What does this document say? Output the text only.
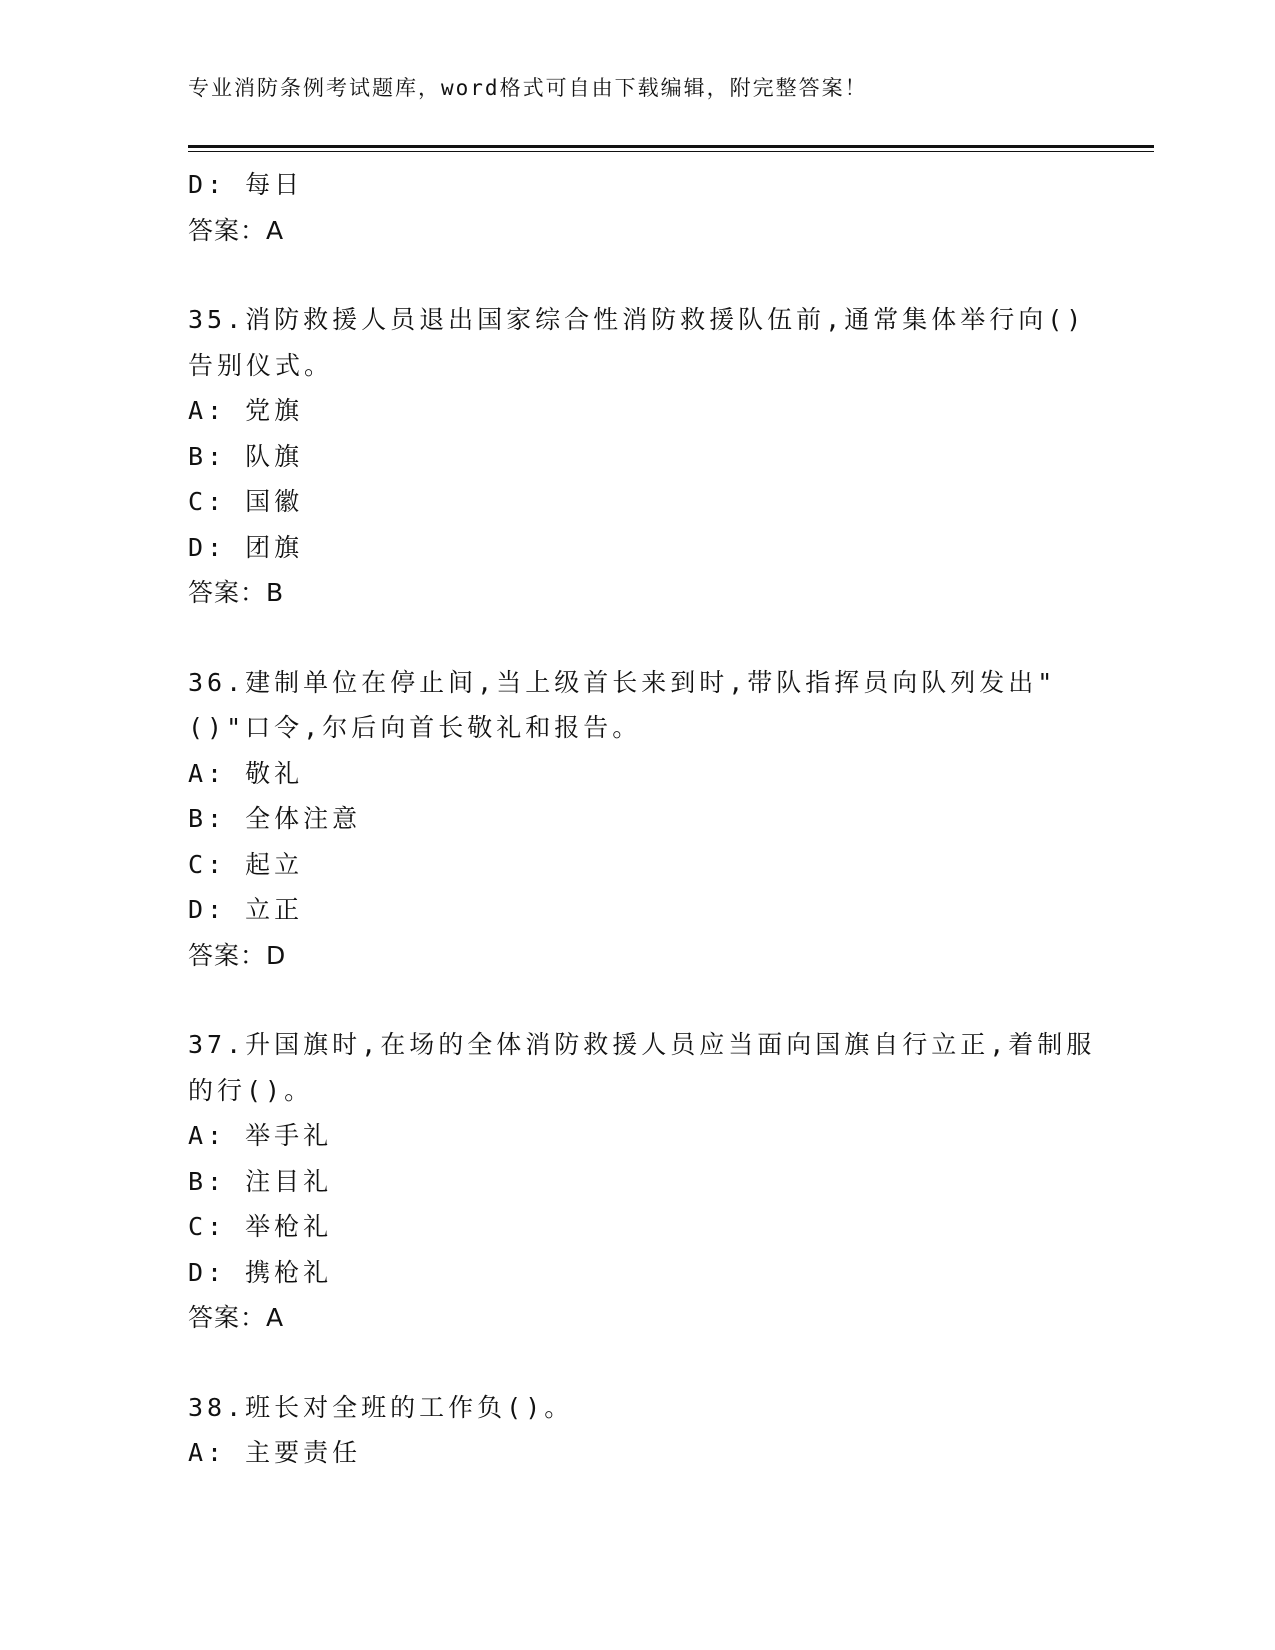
专业消防条例考试题库，word格式可自由下载编辑，附完整答案！
D: 每日
答案：A
35.消防救援人员退出国家综合性消防救援队伍前,通常集体举行向()告别仪式。
A: 党旗
B: 队旗
C: 国徽
D: 团旗
答案：B
36.建制单位在停止间,当上级首长来到时,带队指挥员向队列发出"()"口令,尔后向首长敬礼和报告。
A: 敬礼
B: 全体注意
C: 起立
D: 立正
答案：D
37.升国旗时,在场的全体消防救援人员应当面向国旗自行立正,着制服的行()。
A: 举手礼
B: 注目礼
C: 举枪礼
D: 携枪礼
答案：A
38.班长对全班的工作负()。
A: 主要责任
